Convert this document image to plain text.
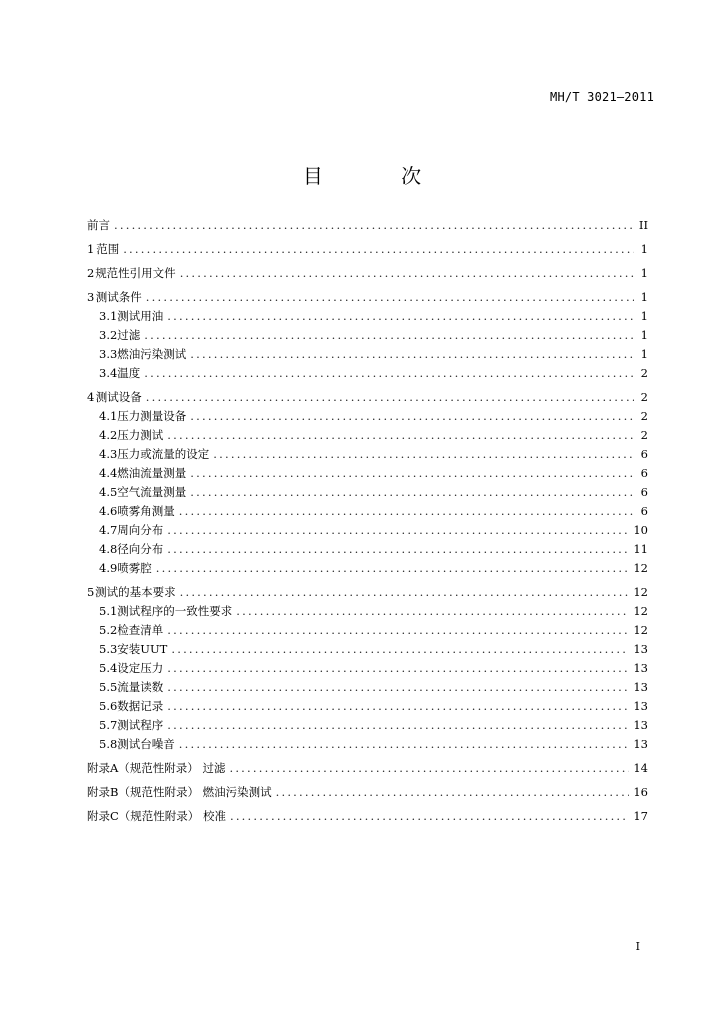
MH/T 3021—2011
目 次
前言 .....	II
1 范围 .....	1
2 规范性引用文件 .....	1
3 测试条件 .....	1
3.1 测试用油 .....	1
3.2 过滤 .....	1
3.3 燃油污染测试 .....	1
3.4 温度 .....	2
4 测试设备 .....	2
4.1 压力测量设备 .....	2
4.2 压力测试 .....	2
4.3 压力或流量的设定 .....	6
4.4 燃油流量测量 .....	6
4.5 空气流量测量 .....	6
4.6 喷雾角测量 .....	6
4.7 周向分布 .....	10
4.8 径向分布 .....	11
4.9 喷雾腔 .....	12
5 测试的基本要求 .....	12
5.1 测试程序的一致性要求 .....	12
5.2 检查清单 .....	12
5.3 安装UUT .....	13
5.4 设定压力 .....	13
5.5 流量读数 .....	13
5.6 数据记录 .....	13
5.7 测试程序 .....	13
5.8 测试台噪音 .....	13
附录A（规范性附录） 过滤 .....	14
附录B（规范性附录） 燃油污染测试 .....	16
附录C（规范性附录） 校准 .....	17
I
